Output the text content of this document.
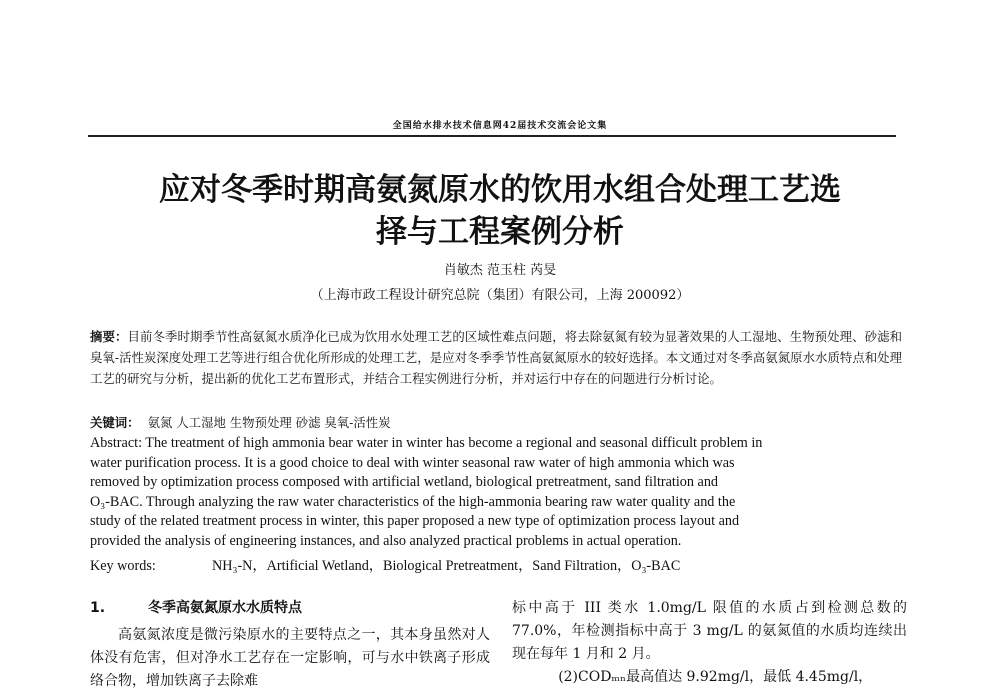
全国给水排水技术信息网42届技术交流会论文集
应对冬季时期高氨氮原水的饮用水组合处理工艺选
择与工程案例分析
肖敏杰 范玉柱 芮旻
（上海市政工程设计研究总院（集团）有限公司，上海 200092）
摘要：目前冬季时期季节性高氨氮水质净化已成为饮用水处理工艺的区域性难点问题，将去除氨氮有较为显著效果的人工湿地、生物预处理、砂滤和臭氧-活性炭深度处理工艺等进行组合优化所形成的处理工艺，是应对冬季季节性高氨氮原水的较好选择。本文通过对冬季高氨氮原水水质特点和处理工艺的研究与分析，提出新的优化工艺布置形式，并结合工程实例进行分析，并对运行中存在的问题进行分析讨论。
关键词： 氨氮 人工湿地 生物预处理 砂滤 臭氧-活性炭
Abstract: The treatment of high ammonia bear water in winter has become a regional and seasonal difficult problem in
water purification process. It is a good choice to deal with winter seasonal raw water of high ammonia which was
removed by optimization process composed with artificial wetland, biological pretreatment, sand filtration and
O₃-BAC. Through analyzing the raw water characteristics of the high-ammonia bearing raw water quality and the
study of the related treatment process in winter, this paper proposed a new type of optimization process layout and
provided the analysis of engineering instances, and also analyzed practical problems in actual operation.
Key words:	NH₃-N，Artificial Wetland，Biological Pretreatment，Sand Filtration，O₃-BAC
1.	冬季高氨氮原水水质特点

高氨氮浓度是微污染原水的主要特点之一，其本身虽然对人体没有危害，但对净水工艺存在一定影响，可与水中铁离子形成络合物，增加铁离子去除难

标中高于 III 类水 1.0mg/L 限值的水质占到检测总数的 77.0%，年检测指标中高于 3 mg/L 的氨氮值的水质均连续出现在每年 1 月和 2 月。

(2)CODₘₙ最高值达 9.92mg/l，最低 4.45mg/l，
